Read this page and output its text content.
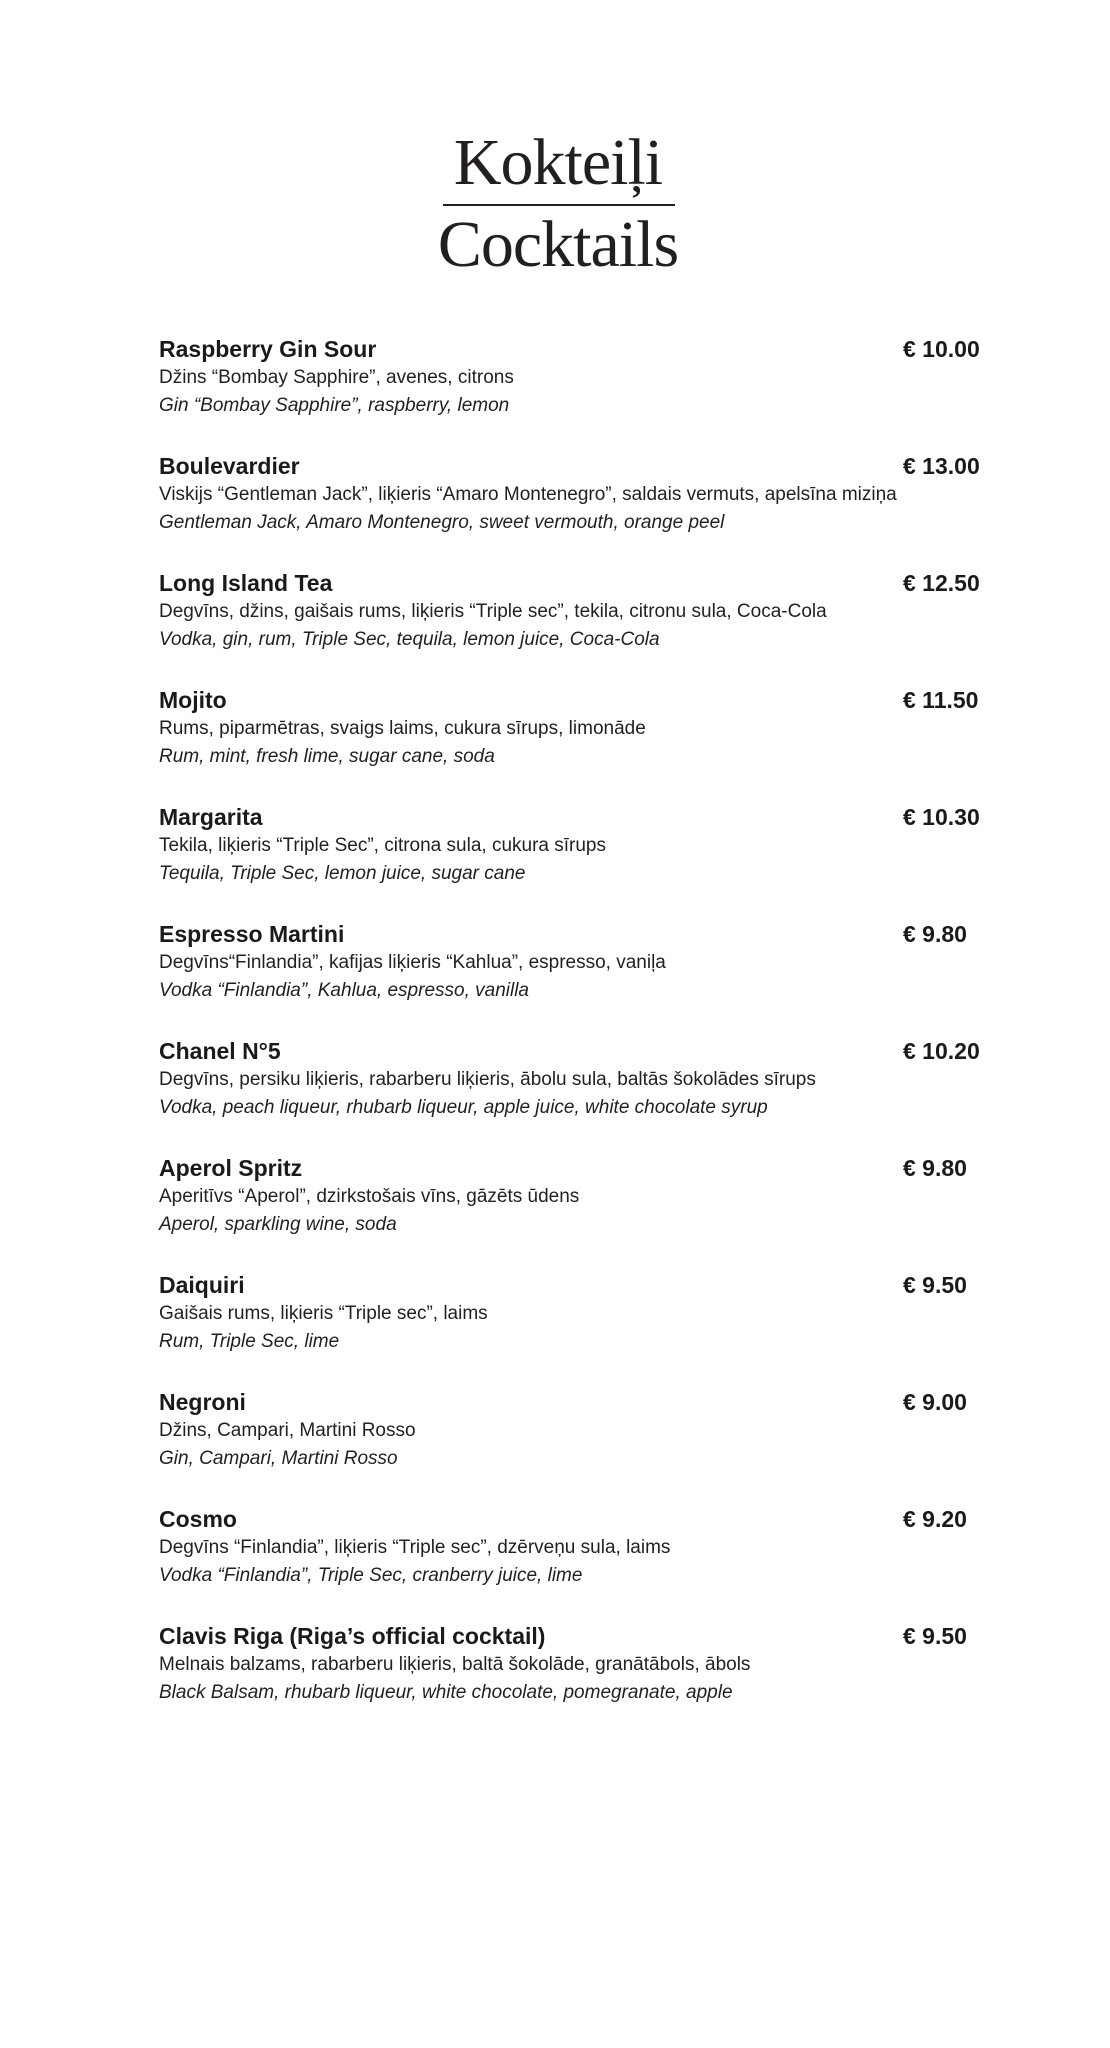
Kokteiļi
Cocktails
Raspberry Gin Sour	€ 10.00
Džins “Bombay Sapphire”, avenes, citrons
Gin “Bombay Sapphire”, raspberry, lemon
Boulevardier	€ 13.00
Viskijs “Gentleman Jack”, liķieris “Amaro Montenegro”, saldais vermuts, apelsīna miziņa
Gentleman Jack, Amaro Montenegro, sweet vermouth, orange peel
Long Island Tea	€ 12.50
Degvīns, džins, gaišais rums, liķieris “Triple sec”, tekila, citronu sula, Coca-Cola
Vodka, gin, rum, Triple Sec, tequila, lemon juice, Coca-Cola
Mojito	€ 11.50
Rums, piparmētras, svaigs laims, cukura sīrups, limonāde
Rum, mint, fresh lime, sugar cane, soda
Margarita	€ 10.30
Tekila, liķieris “Triple Sec”, citrona sula, cukura sīrups
Tequila, Triple Sec, lemon juice, sugar cane
Espresso Martini	€ 9.80
Degvīns“Finlandia”, kafijas liķieris “Kahlua”, espresso, vaniļa
Vodka “Finlandia”, Kahlua, espresso, vanilla
Chanel N°5	€ 10.20
Degvīns, persiku liķieris, rabarberu liķieris, ābolu sula, baltās šokolādes sīrups
Vodka, peach liqueur, rhubarb liqueur, apple juice, white chocolate syrup
Aperol Spritz	€ 9.80
Aperitīvs “Aperol”, dzirkstošais vīns, gāzēts ūdens
Aperol, sparkling wine, soda
Daiquiri	€ 9.50
Gaišais rums, liķieris “Triple sec”, laims
Rum, Triple Sec, lime
Negroni	€ 9.00
Džins, Campari, Martini Rosso
Gin, Campari, Martini Rosso
Cosmo	€ 9.20
Degvīns “Finlandia”, liķieris “Triple sec”, dzērveņu sula, laims
Vodka “Finlandia”, Triple Sec, cranberry juice, lime
Clavis Riga (Riga’s official cocktail)	€ 9.50
Melnais balzams, rabarberu liķieris, baltā šokolāde, granātābols, ābols
Black Balsam, rhubarb liqueur, white chocolate, pomegranate, apple
